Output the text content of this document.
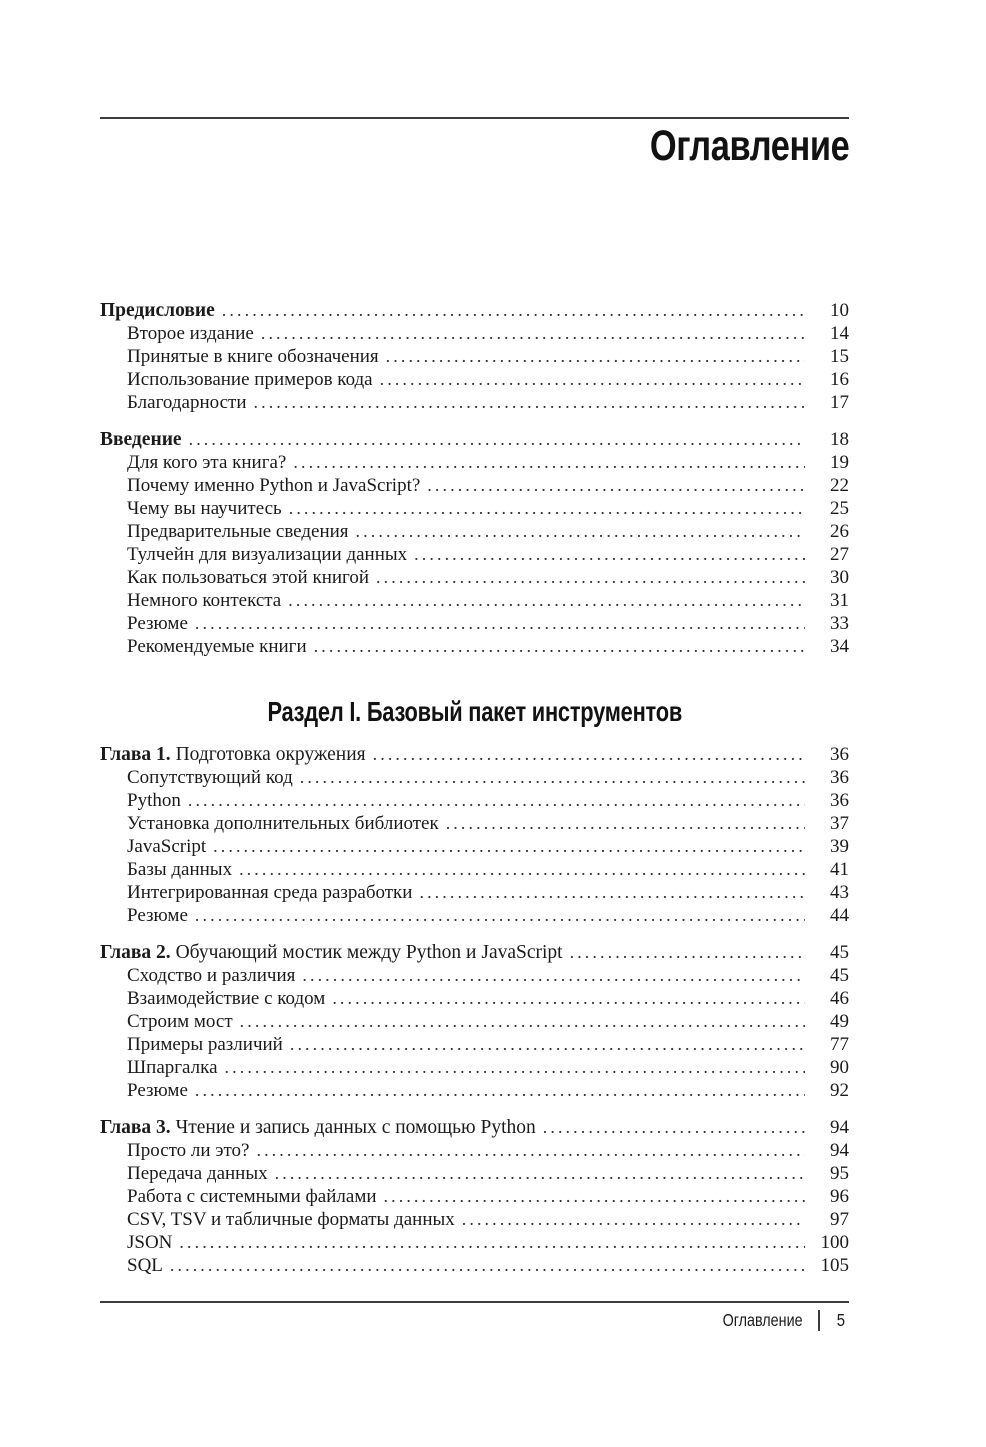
Оглавление
Предисловие .....	10
Второе издание .....	14
Принятые в книге обозначения .....	15
Использование примеров кода .....	16
Благодарности .....	17
Введение .....	18
Для кого эта книга? .....	19
Почему именно Python и JavaScript? .....	22
Чему вы научитесь .....	25
Предварительные сведения .....	26
Тулчейн для визуализации данных .....	27
Как пользоваться этой книгой .....	30
Немного контекста .....	31
Резюме .....	33
Рекомендуемые книги .....	34
Раздел I. Базовый пакет инструментов
Глава 1. Подготовка окружения .....	36
Сопутствующий код .....	36
Python .....	36
Установка дополнительных библиотек .....	37
JavaScript .....	39
Базы данных .....	41
Интегрированная среда разработки .....	43
Резюме .....	44
Глава 2. Обучающий мостик между Python и JavaScript .....	45
Сходство и различия .....	45
Взаимодействие с кодом .....	46
Строим мост .....	49
Примеры различий .....	77
Шпаргалка .....	90
Резюме .....	92
Глава 3. Чтение и запись данных с помощью Python .....	94
Просто ли это? .....	94
Передача данных .....	95
Работа с системными файлами .....	96
CSV, TSV и табличные форматы данных .....	97
JSON .....	100
SQL .....	105
Оглавление 5
